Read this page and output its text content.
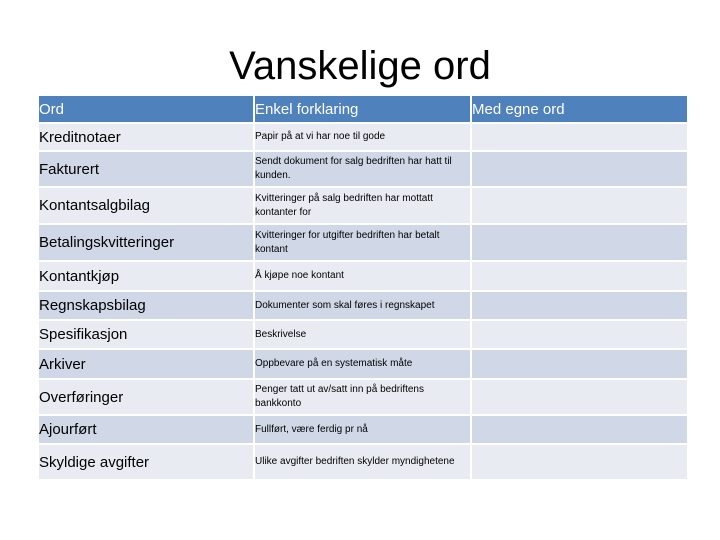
Vanskelige ord
Ord	Enkel forklaring	Med egne ord
Kreditnotaer	Papir på at vi har noe til gode	
Fakturert	Sendt dokument for salg bedriften har hatt til kunden.	
Kontantsalgbilag	Kvitteringer på salg bedriften har mottatt kontanter for	
Betalingskvitteringer	Kvitteringer for utgifter bedriften har betalt kontant	
Kontantkjøp	Å kjøpe noe kontant	
Regnskapsbilag	Dokumenter som skal føres i regnskapet	
Spesifikasjon	Beskrivelse	
Arkiver	Oppbevare på en systematisk måte	
Overføringer	Penger tatt ut av/satt inn på bedriftens bankkonto	
Ajourført	Fullført, være ferdig pr nå	
Skyldige avgifter	Ulike avgifter bedriften skylder myndighetene	
